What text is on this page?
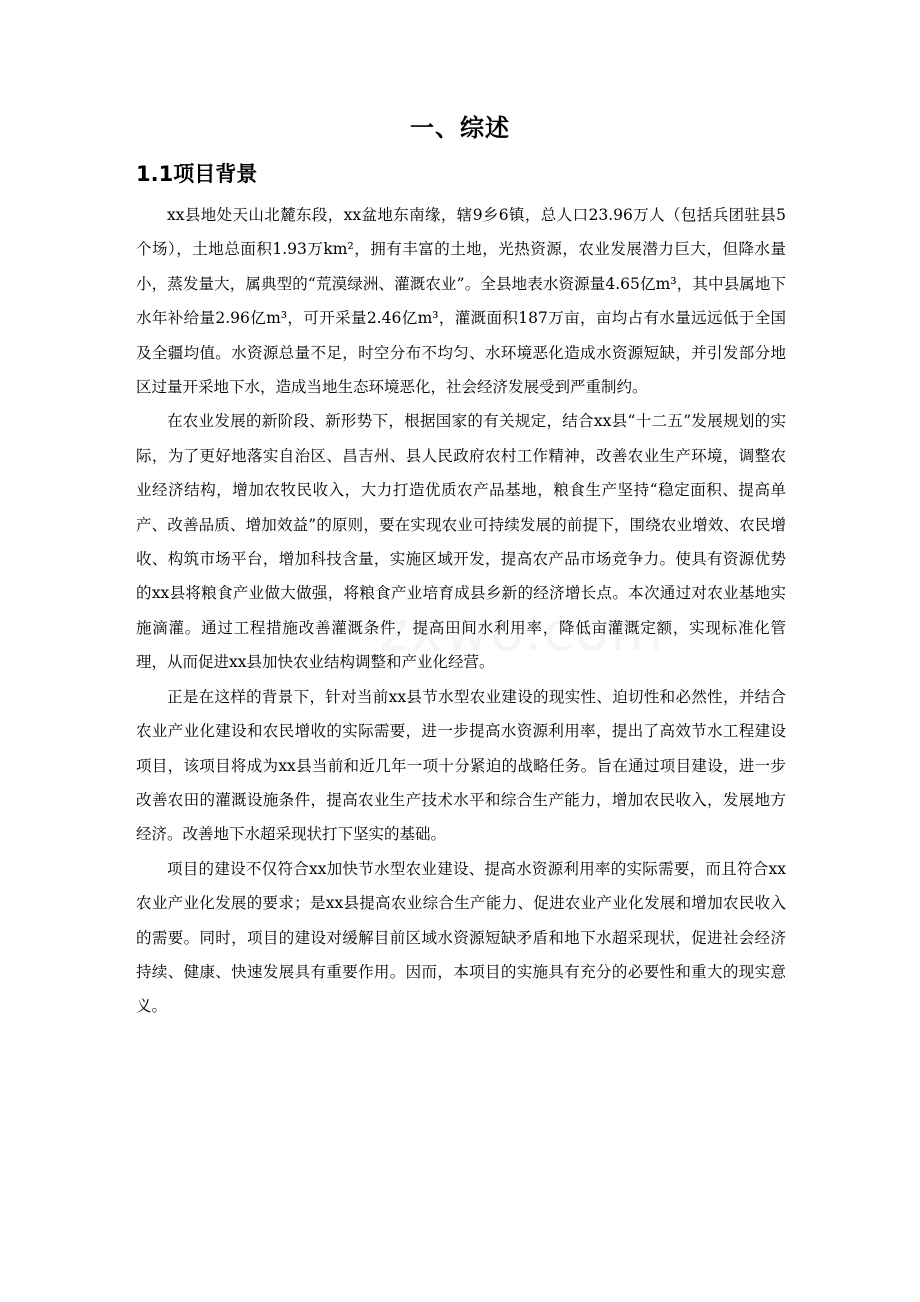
一、综述
1.1项目背景

xx县地处天山北麓东段，xx盆地东南缘，辖9乡6镇，总人口23.96万人（包括兵团驻县5个场），土地总面积1.93万km²，拥有丰富的土地，光热资源，农业发展潜力巨大，但降水量小，蒸发量大，属典型的“荒漠绿洲、灌溉农业”。全县地表水资源量4.65亿m³，其中县属地下水年补给量2.96亿m³，可开采量2.46亿m³，灌溉面积187万亩，亩均占有水量远远低于全国及全疆均值。水资源总量不足，时空分布不均匀、水环境恶化造成水资源短缺，并引发部分地区过量开采地下水，造成当地生态环境恶化，社会经济发展受到严重制约。

在农业发展的新阶段、新形势下，根据国家的有关规定，结合xx县“十二五”发展规划的实际，为了更好地落实自治区、昌吉州、县人民政府农村工作精神，改善农业生产环境，调整农业经济结构，增加农牧民收入，大力打造优质农产品基地，粮食生产坚持“稳定面积、提高单产、改善品质、增加效益”的原则，要在实现农业可持续发展的前提下，围绕农业增效、农民增收、构筑市场平台，增加科技含量，实施区域开发，提高农产品市场竞争力。使具有资源优势的xx县将粮食产业做大做强，将粮食产业培育成县乡新的经济增长点。本次通过对农业基地实施滴灌。通过工程措施改善灌溉条件，提高田间水利用率，降低亩灌溉定额，实现标准化管理，从而促进xx县加快农业结构调整和产业化经营。

正是在这样的背景下，针对当前xx县节水型农业建设的现实性、迫切性和必然性，并结合农业产业化建设和农民增收的实际需要，进一步提高水资源利用率，提出了高效节水工程建设项目，该项目将成为xx县当前和近几年一项十分紧迫的战略任务。旨在通过项目建设，进一步改善农田的灌溉设施条件，提高农业生产技术水平和综合生产能力，增加农民收入，发展地方经济。改善地下水超采现状打下坚实的基础。

项目的建设不仅符合xx加快节水型农业建设、提高水资源利用率的实际需要，而且符合xx农业产业化发展的要求；是xx县提高农业综合生产能力、促进农业产业化发展和增加农民收入的需要。同时，项目的建设对缓解目前区域水资源短缺矛盾和地下水超采现状，促进社会经济持续、健康、快速发展具有重要作用。因而，本项目的实施具有充分的必要性和重大的现实意义。
